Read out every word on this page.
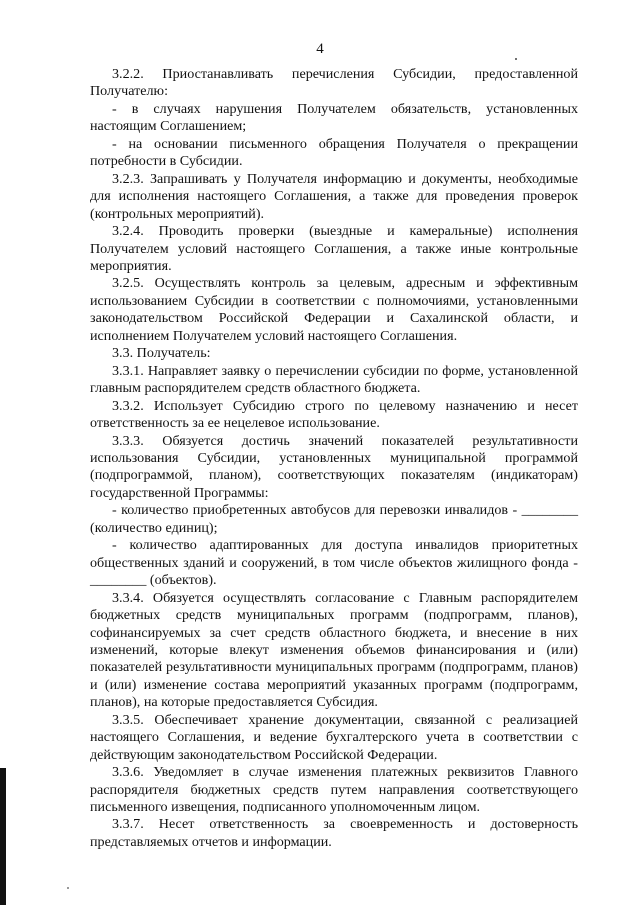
4

3.2.2. Приостанавливать перечисления Субсидии, предоставленной Получателю:

- в случаях нарушения Получателем обязательств, установленных настоящим Соглашением;

- на основании письменного обращения Получателя о прекращении потребности в Субсидии.

3.2.3. Запрашивать у Получателя информацию и документы, необходимые для исполнения настоящего Соглашения, а также для проведения проверок (контрольных мероприятий).

3.2.4. Проводить проверки (выездные и камеральные) исполнения Получателем условий настоящего Соглашения, а также иные контрольные мероприятия.

3.2.5. Осуществлять контроль за целевым, адресным и эффективным использованием Субсидии в соответствии с полномочиями, установленными законодательством Российской Федерации и Сахалинской области, и исполнением Получателем условий настоящего Соглашения.

3.3. Получатель:

3.3.1. Направляет заявку о перечислении субсидии по форме, установленной главным распорядителем средств областного бюджета.

3.3.2. Использует Субсидию строго по целевому назначению и несет ответственность за ее нецелевое использование.

3.3.3. Обязуется достичь значений показателей результативности использования Субсидии, установленных муниципальной программой (подпрограммой, планом), соответствующих показателям (индикаторам) государственной Программы:

- количество приобретенных автобусов для перевозки инвалидов - ________ (количество единиц);

- количество адаптированных для доступа инвалидов приоритетных общественных зданий и сооружений, в том числе объектов жилищного фонда - ________ (объектов).

3.3.4. Обязуется осуществлять согласование с Главным распорядителем бюджетных средств муниципальных программ (подпрограмм, планов), софинансируемых за счет средств областного бюджета, и внесение в них изменений, которые влекут изменения объемов финансирования и (или) показателей результативности муниципальных программ (подпрограмм, планов) и (или) изменение состава мероприятий указанных программ (подпрограмм, планов), на которые предоставляется Субсидия.

3.3.5. Обеспечивает хранение документации, связанной с реализацией настоящего Соглашения, и ведение бухгалтерского учета в соответствии с действующим законодательством Российской Федерации.

3.3.6. Уведомляет в случае изменения платежных реквизитов Главного распорядителя бюджетных средств путем направления соответствующего письменного извещения, подписанного уполномоченным лицом.

3.3.7. Несет ответственность за своевременность и достоверность представляемых отчетов и информации.
